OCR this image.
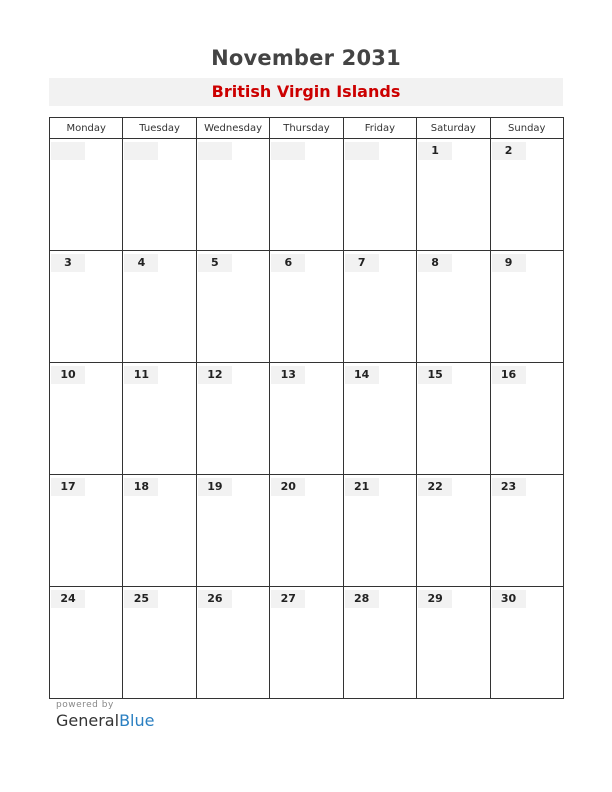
November 2031
British Virgin Islands
Monday	Tuesday	Wednesday	Thursday	Friday	Saturday	Sunday

					1	2

3	4	5	6	7	8	9

10	11	12	13	14	15	16

17	18	19	20	21	22	23

24	25	26	27	28	29	30
powered by
GeneralBlue
